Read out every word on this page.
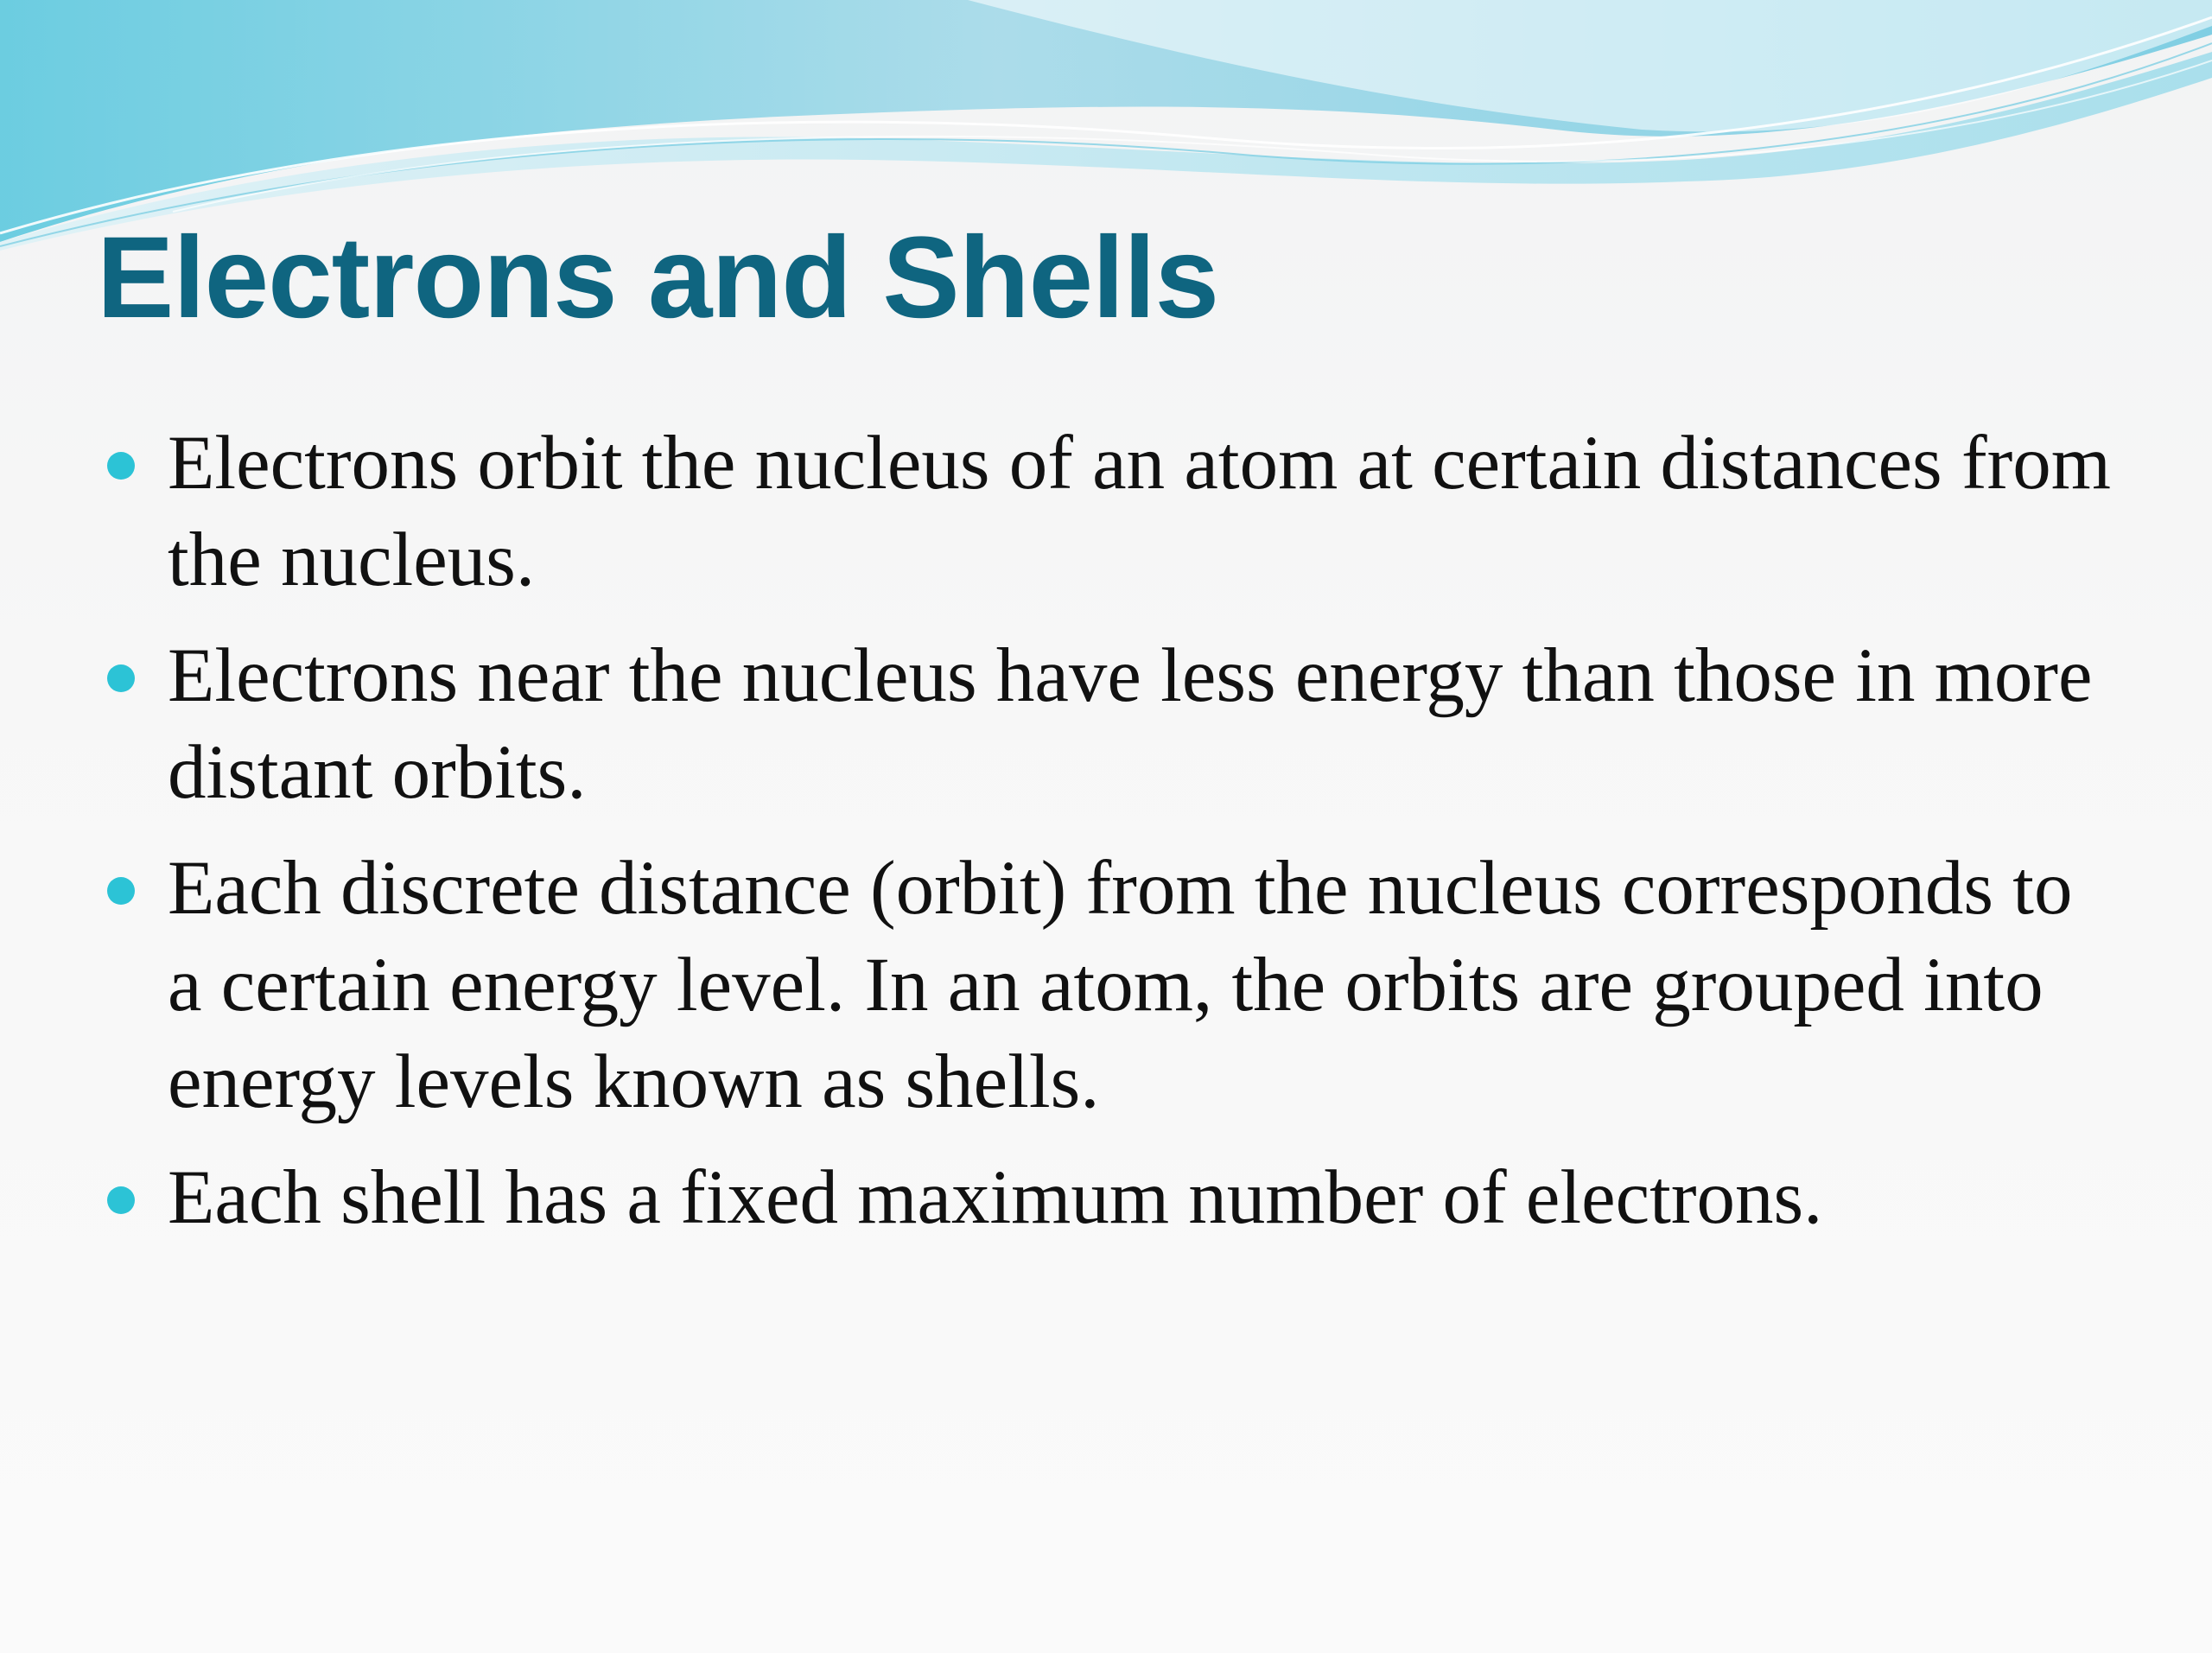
Electrons and Shells
Electrons orbit the nucleus of an atom at certain distances from the nucleus.
Electrons near the nucleus have less energy than those in more distant orbits.
Each discrete distance (orbit) from the nucleus corresponds to a certain energy level. In an atom, the orbits are grouped into energy levels known as shells.
Each shell has a fixed maximum number of electrons.
